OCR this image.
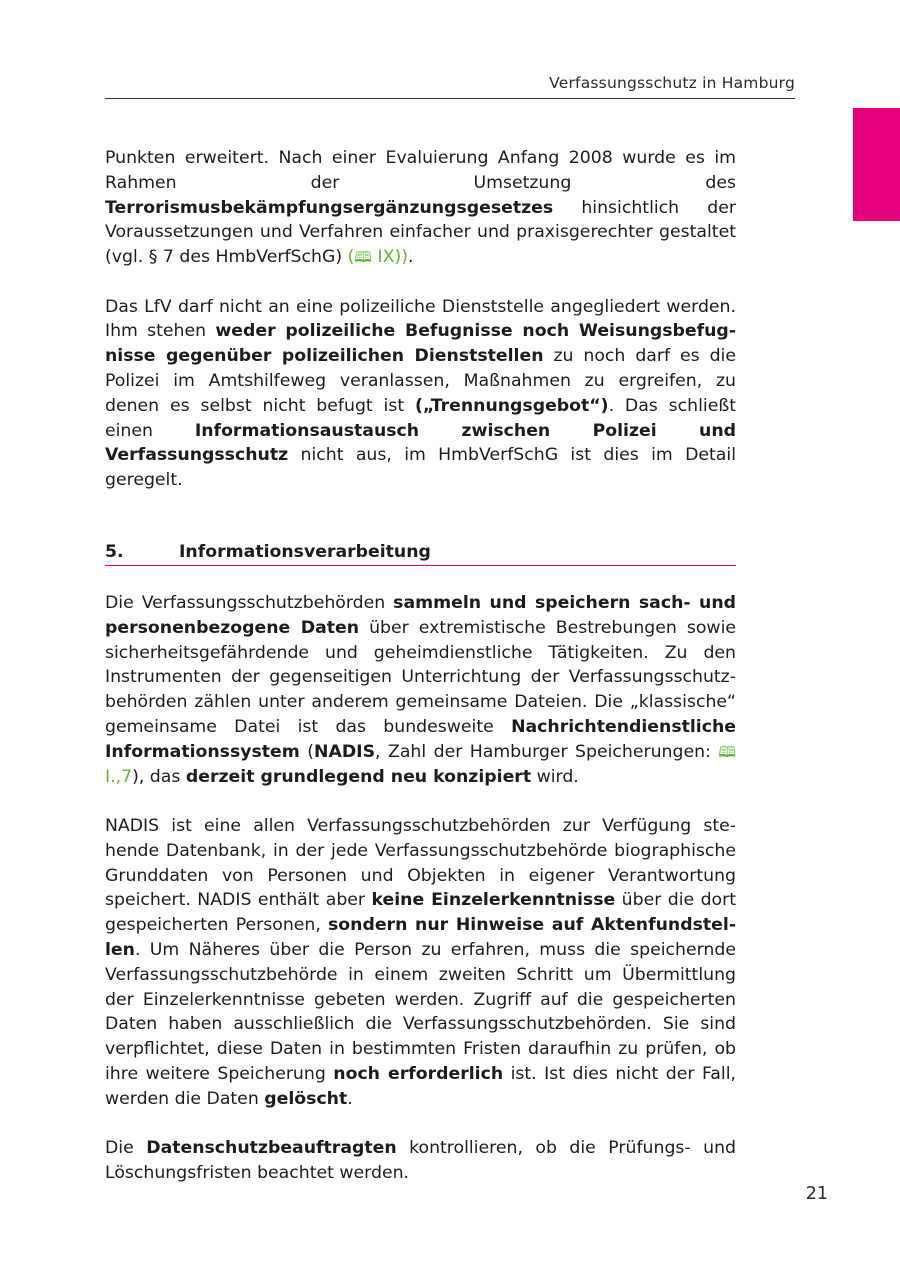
Verfassungsschutz in Hamburg

Punkten erweitert. Nach einer Evaluierung Anfang 2008 wurde es im Rahmen der Umsetzung des Terrorismusbekämpfungsergänzungsgesetzes hinsichtlich der Voraussetzungen und Verfahren einfacher und praxisgerechter gestaltet (vgl. § 7 des HmbVerfSchG) (🕮 IX)).

Das LfV darf nicht an eine polizeiliche Dienststelle angegliedert werden. Ihm stehen weder polizeiliche Befugnisse noch Weisungsbefugnisse gegenüber polizeilichen Dienststellen zu noch darf es die Polizei im Amtshilfeweg veranlassen, Maßnahmen zu ergreifen, zu denen es selbst nicht befugt ist („Trennungsgebot“). Das schließt einen Informationsaustausch zwischen Polizei und Verfassungsschutz nicht aus, im HmbVerfSchG ist dies im Detail geregelt.

5.	Informationsverarbeitung

Die Verfassungsschutzbehörden sammeln und speichern sach- und personenbezogene Daten über extremistische Bestrebungen sowie sicherheitsgefährdende und geheimdienstliche Tätigkeiten. Zu den Instrumenten der gegenseitigen Unterrichtung der Verfassungsschutzbehörden zählen unter anderem gemeinsame Dateien. Die „klassische“ gemeinsame Datei ist das bundesweite Nachrichtendienstliche Informationssystem (NADIS, Zahl der Hamburger Speicherungen: 🕮 I.,7), das derzeit grundlegend neu konzipiert wird.

NADIS ist eine allen Verfassungsschutzbehörden zur Verfügung stehende Datenbank, in der jede Verfassungsschutzbehörde biographische Grunddaten von Personen und Objekten in eigener Verantwortung speichert. NADIS enthält aber keine Einzelerkenntnisse über die dort gespeicherten Personen, sondern nur Hinweise auf Aktenfundstellen. Um Näheres über die Person zu erfahren, muss die speichernde Verfassungsschutzbehörde in einem zweiten Schritt um Übermittlung der Einzelerkenntnisse gebeten werden. Zugriff auf die gespeicherten Daten haben ausschließlich die Verfassungsschutzbehörden. Sie sind verpflichtet, diese Daten in bestimmten Fristen daraufhin zu prüfen, ob ihre weitere Speicherung noch erforderlich ist. Ist dies nicht der Fall, werden die Daten gelöscht.

Die Datenschutzbeauftragten kontrollieren, ob die Prüfungs- und Löschungsfristen beachtet werden.

21
